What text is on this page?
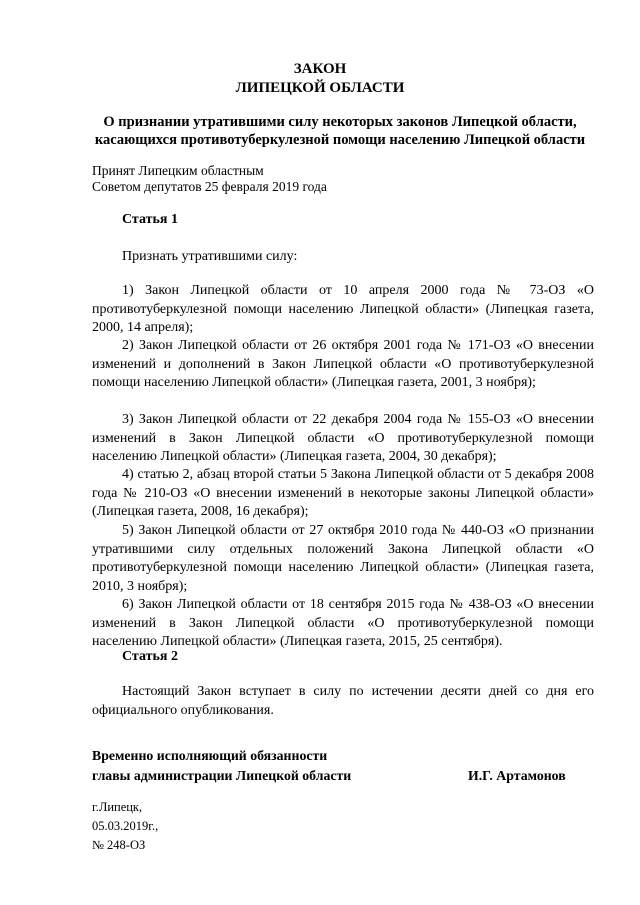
ЗАКОН
ЛИПЕЦКОЙ ОБЛАСТИ
О признании утратившими силу некоторых законов Липецкой области, касающихся противотуберкулезной помощи населению Липецкой области
Принят Липецким областным
Советом депутатов 25 февраля 2019 года
Статья 1
Признать утратившими силу:
1) Закон Липецкой области от 10 апреля 2000 года № 73-ОЗ «О противотуберкулезной помощи населению Липецкой области» (Липецкая газета, 2000, 14 апреля);
2) Закон Липецкой области от 26 октября 2001 года № 171-ОЗ «О внесении изменений и дополнений в Закон Липецкой области «О противотуберкулезной помощи населению Липецкой области» (Липецкая газета, 2001, 3 ноября);
3) Закон Липецкой области от 22 декабря 2004 года № 155-ОЗ «О внесении изменений в Закон Липецкой области «О противотуберкулезной помощи населению Липецкой области» (Липецкая газета, 2004, 30 декабря);
4) статью 2, абзац второй статьи 5 Закона Липецкой области от 5 декабря 2008 года № 210-ОЗ «О внесении изменений в некоторые законы Липецкой области» (Липецкая газета, 2008, 16 декабря);
5) Закон Липецкой области от 27 октября 2010 года № 440-ОЗ «О признании утратившими силу отдельных положений Закона Липецкой области «О противотуберкулезной помощи населению Липецкой области» (Липецкая газета, 2010, 3 ноября);
6) Закон Липецкой области от 18 сентября 2015 года № 438-ОЗ «О внесении изменений в Закон Липецкой области «О противотуберкулезной помощи населению Липецкой области» (Липецкая газета, 2015, 25 сентября).
Статья 2
Настоящий Закон вступает в силу по истечении десяти дней со дня его официального опубликования.
Временно исполняющий обязанности
главы администрации Липецкой области	И.Г. Артамонов
г.Липецк,
05.03.2019г.,
№ 248-ОЗ
